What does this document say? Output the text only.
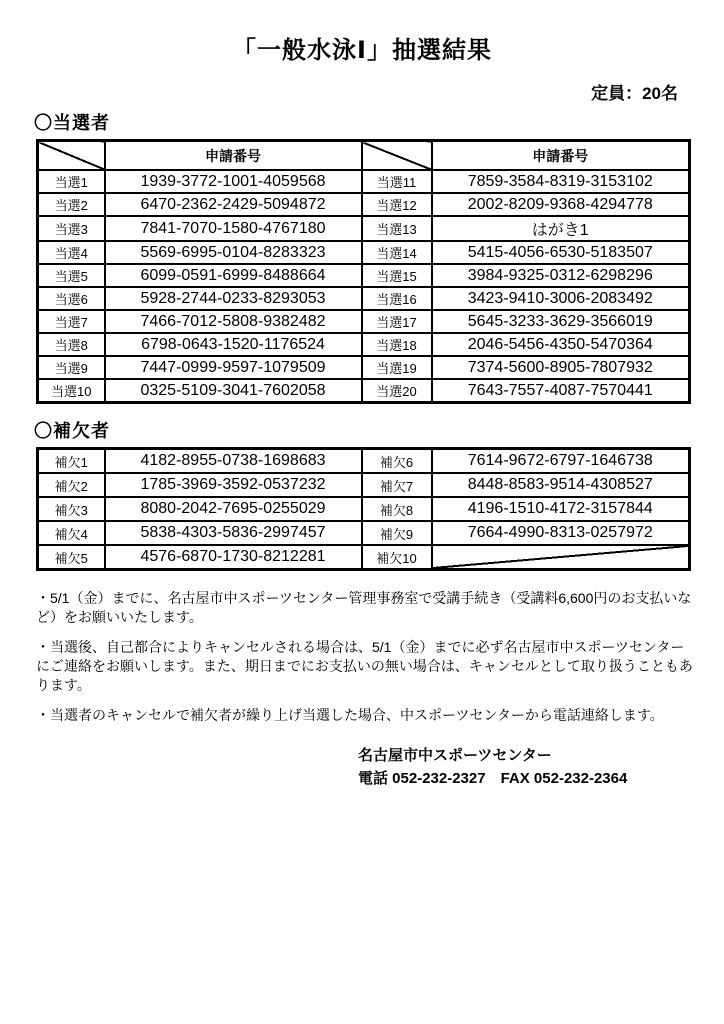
「一般水泳Ⅰ」抽選結果
定員：20名
〇当選者
	申請番号		申請番号
当選1	1939-3772-1001-4059568	当選11	7859-3584-8319-3153102
当選2	6470-2362-2429-5094872	当選12	2002-8209-9368-4294778
当選3	7841-7070-1580-4767180	当選13	はがき1
当選4	5569-6995-0104-8283323	当選14	5415-4056-6530-5183507
当選5	6099-0591-6999-8488664	当選15	3984-9325-0312-6298296
当選6	5928-2744-0233-8293053	当選16	3423-9410-3006-2083492
当選7	7466-7012-5808-9382482	当選17	5645-3233-3629-3566019
当選8	6798-0643-1520-1176524	当選18	2046-5456-4350-5470364
当選9	7447-0999-9597-1079509	当選19	7374-5600-8905-7807932
当選10	0325-5109-3041-7602058	当選20	7643-7557-4087-7570441
〇補欠者
補欠1	4182-8955-0738-1698683	補欠6	7614-9672-6797-1646738
補欠2	1785-3969-3592-0537232	補欠7	8448-8583-9514-4308527
補欠3	8080-2042-7695-0255029	補欠8	4196-1510-4172-3157844
補欠4	5838-4303-5836-2997457	補欠9	7664-4990-8313-0257972
補欠5	4576-6870-1730-8212281	補欠10	

・5/1（金）までに、名古屋市中スポーツセンター管理事務室で受講手続き（受講料6,600円のお支払いなど）をお願いいたします。

・当選後、自己都合によりキャンセルされる場合は、5/1（金）までに必ず名古屋市中スポーツセンターにご連絡をお願いします。また、期日までにお支払いの無い場合は、キャンセルとして取り扱うこともあります。

・当選者のキャンセルで補欠者が繰り上げ当選した場合、中スポーツセンターから電話連絡します。

名古屋市中スポーツセンター
電話 052-232-2327　FAX 052-232-2364
